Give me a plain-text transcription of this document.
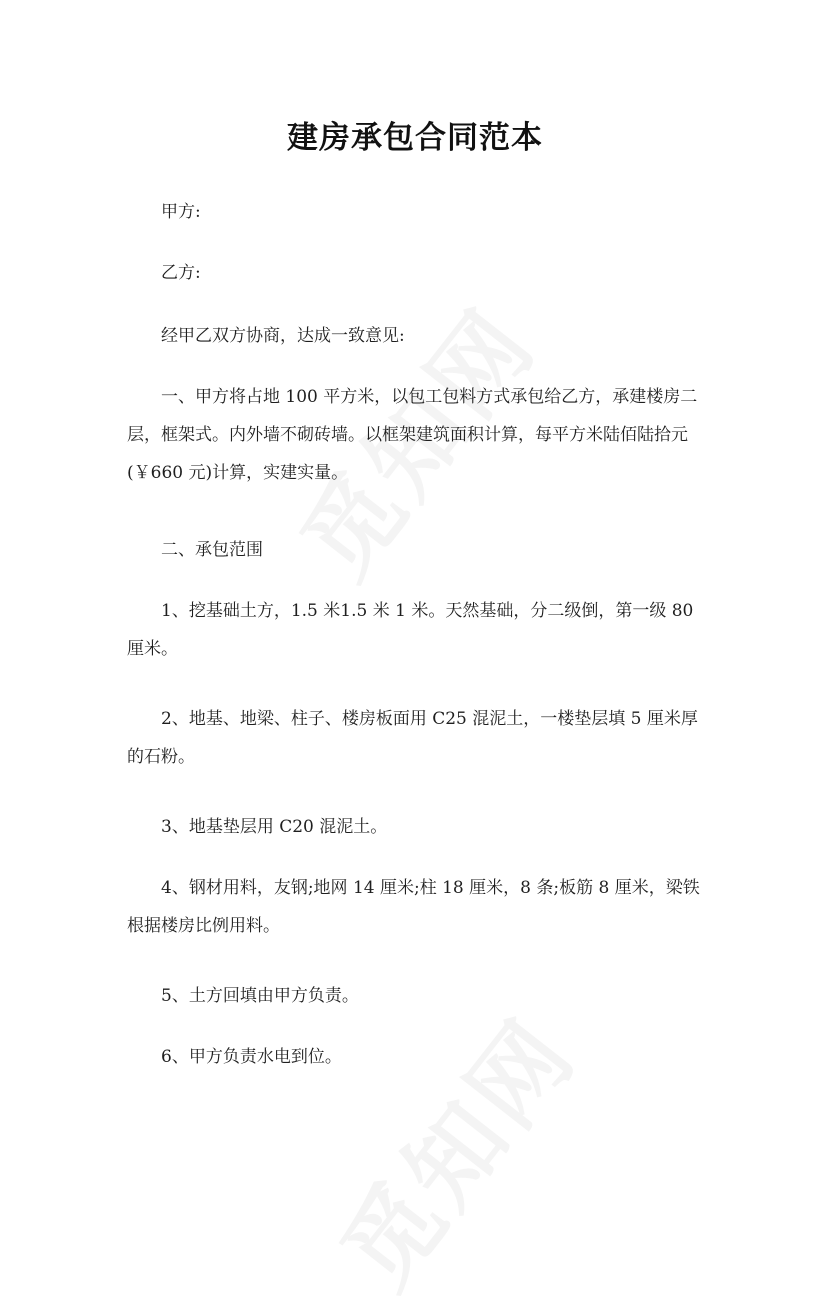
建房承包合同范本

甲方:

乙方:

经甲乙双方协商，达成一致意见:

一、甲方将占地 100 平方米，以包工包料方式承包给乙方，承建楼房二层，框架式。内外墙不砌砖墙。以框架建筑面积计算，每平方米陆佰陆拾元(￥660 元)计算，实建实量。

二、承包范围

1、挖基础土方，1.5 米1.5 米 1 米。天然基础，分二级倒，第一级 80 厘米。

2、地基、地梁、柱子、楼房板面用 C25 混泥土，一楼垫层填 5 厘米厚的石粉。

3、地基垫层用 C20 混泥土。

4、钢材用料，友钢;地网 14 厘米;柱 18 厘米，8 条;板筋 8 厘米，梁铁根据楼房比例用料。

5、土方回填由甲方负责。

6、甲方负责水电到位。
